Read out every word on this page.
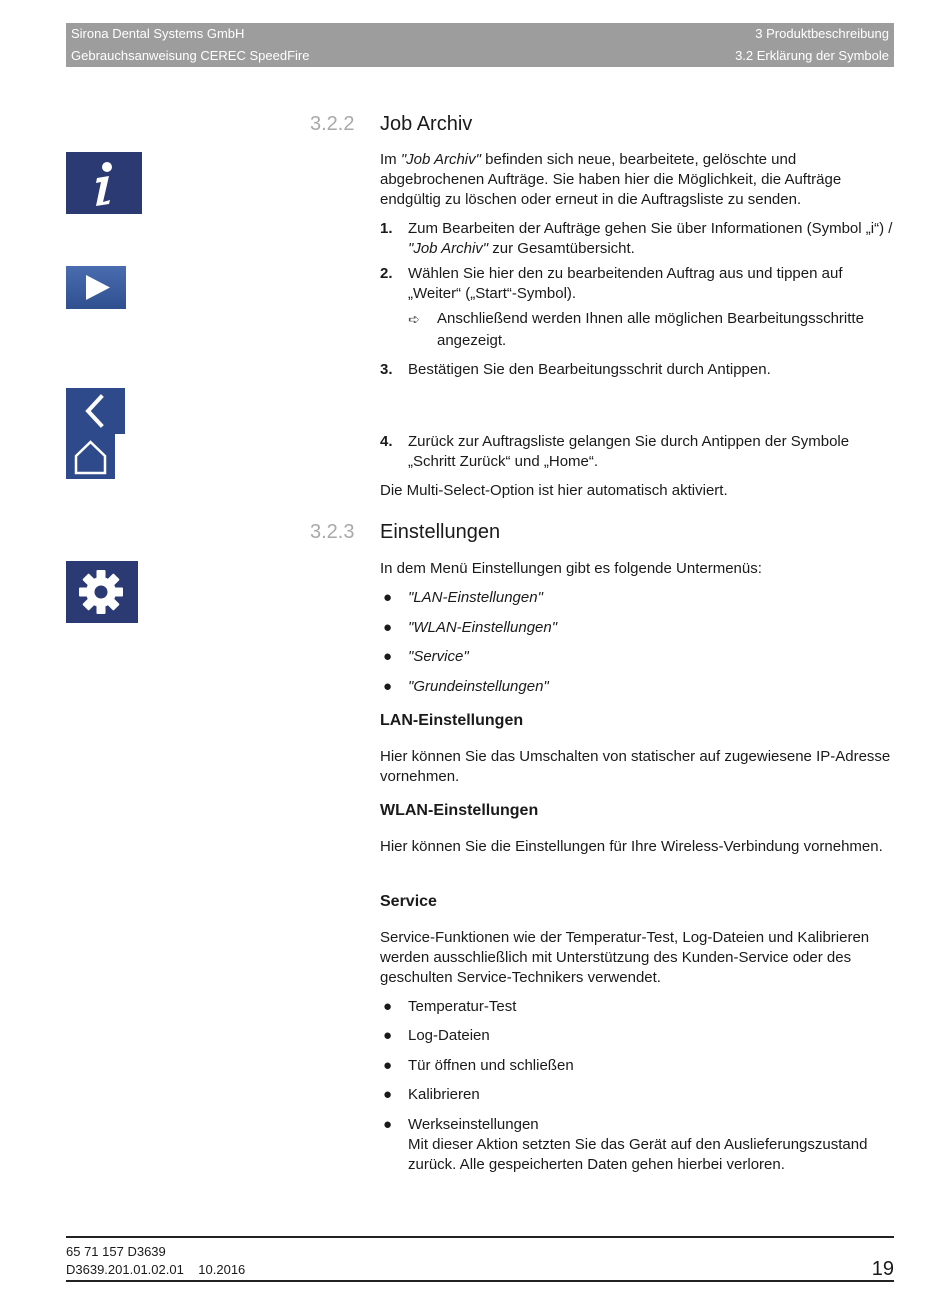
Sirona Dental Systems GmbH	3 Produktbeschreibung
Gebrauchsanweisung CEREC SpeedFire	3.2 Erklärung der Symbole
3.2.2 Job Archiv
Im "Job Archiv" befinden sich neue, bearbeitete, gelöschte und abgebrochenen Aufträge. Sie haben hier die Möglichkeit, die Aufträge endgültig zu löschen oder erneut in die Auftragsliste zu senden.
1. Zum Bearbeiten der Aufträge gehen Sie über Informationen (Symbol „i“) / "Job Archiv" zur Gesamtübersicht.
2. Wählen Sie hier den zu bearbeitenden Auftrag aus und tippen auf „Weiter“ („Start“-Symbol).
➪ Anschließend werden Ihnen alle möglichen Bearbeitungsschritte angezeigt.
3. Bestätigen Sie den Bearbeitungsschrit durch Antippen.
4. Zurück zur Auftragsliste gelangen Sie durch Antippen der Symbole „Schritt Zurück“ und „Home“.
Die Multi-Select-Option ist hier automatisch aktiviert.
3.2.3 Einstellungen
In dem Menü Einstellungen gibt es folgende Untermenüs:
● "LAN-Einstellungen"
● "WLAN-Einstellungen"
● "Service"
● "Grundeinstellungen"
LAN-Einstellungen
Hier können Sie das Umschalten von statischer auf zugewiesene IP-Adresse vornehmen.
WLAN-Einstellungen
Hier können Sie die Einstellungen für Ihre Wireless-Verbindung vornehmen.
Service
Service-Funktionen wie der Temperatur-Test, Log-Dateien und Kalibrieren werden ausschließlich mit Unterstützung des Kunden-Service oder des geschulten Service-Technikers verwendet.
● Temperatur-Test
● Log-Dateien
● Tür öffnen und schließen
● Kalibrieren
● Werkseinstellungen
Mit dieser Aktion setzten Sie das Gerät auf den Auslieferungszustand
zurück. Alle gespeicherten Daten gehen hierbei verloren.
65 71 157 D3639
D3639.201.01.02.01 10.2016	19
